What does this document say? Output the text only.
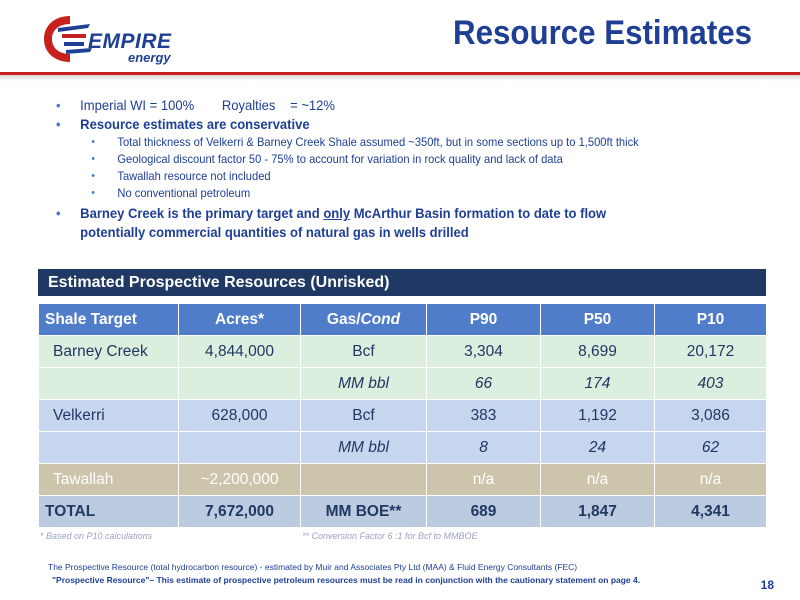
EMPIRE
energy
Resource Estimates
• Imperial WI = 100% Royalties = ~12%
• Resource estimates are conservative
• Total thickness of Velkerri & Barney Creek Shale assumed ~350ft, but in some sections up to 1,500ft thick
• Geological discount factor 50 - 75% to account for variation in rock quality and lack of data
• Tawallah resource not included
• No conventional petroleum
• Barney Creek is the primary target and only McArthur Basin formation to date to flow
potentially commercial quantities of natural gas in wells drilled
Estimated Prospective Resources (Unrisked)
Shale Target	Acres*	Gas/Cond	P90	P50	P10
Barney Creek	4,844,000	Bcf	3,304	8,699	20,172
		MM bbl	66	174	403
Velkerri	628,000	Bcf	383	1,192	3,086
		MM bbl	8	24	62
Tawallah	~2,200,000		n/a	n/a	n/a
TOTAL	7,672,000	MM BOE**	689	1,847	4,341
* Based on P10 calculations	** Conversion Factor 6 :1 for Bcf to MMBOE
The Prospective Resource (total hydrocarbon resource) - estimated by Muir and Associates Pty Ltd (MAA) & Fluid Energy Consultants (FEC)
"Prospective Resource"– This estimate of prospective petroleum resources must be read in conjunction with the cautionary statement on page 4.	18
